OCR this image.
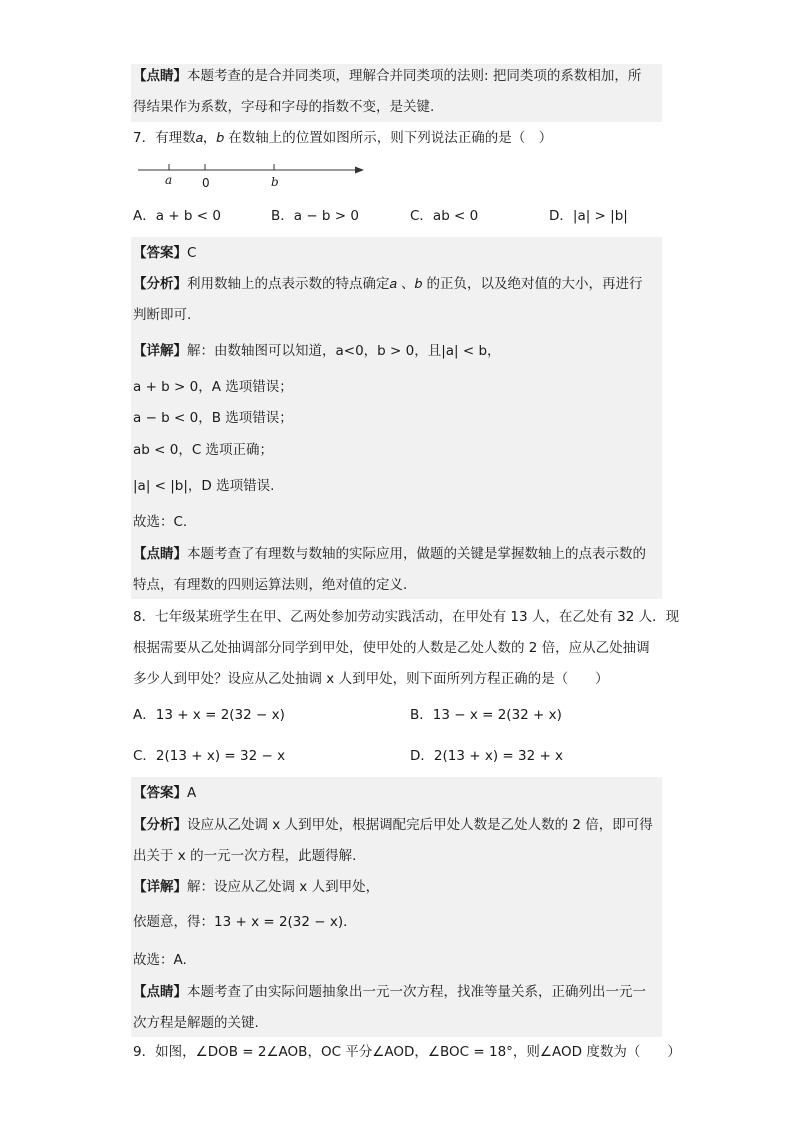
【点睛】本题考查的是合并同类项，理解合并同类项的法则: 把同类项的系数相加，所
得结果作为系数，字母和字母的指数不变，是关键.
7．有理数𝑎，𝑏 在数轴上的位置如图所示，则下列说法正确的是（　）
a 0	b
A．a + b < 0	B．a − b > 0	C．ab < 0	D．|a| > |b|
【答案】C
【分析】利用数轴上的点表示数的特点确定𝑎 、𝑏 的正负，以及绝对值的大小，再进行
判断即可.
【详解】解：由数轴图可以知道，a<0，b > 0，且|a| < b，
a + b > 0，A 选项错误；
a − b < 0，B 选项错误；
ab < 0，C 选项正确；
|a| < |b|，D 选项错误.
故选：C.
【点睛】本题考查了有理数与数轴的实际应用，做题的关键是掌握数轴上的点表示数的
特点，有理数的四则运算法则，绝对值的定义.
8．七年级某班学生在甲、乙两处参加劳动实践活动，在甲处有 13 人，在乙处有 32 人．现
根据需要从乙处抽调部分同学到甲处，使甲处的人数是乙处人数的 2 倍，应从乙处抽调
多少人到甲处？设应从乙处抽调 x 人到甲处，则下面所列方程正确的是（　　）
A．13 + x = 2(32 − x)	B．13 − x = 2(32 + x)
C．2(13 + x) = 32 − x	D．2(13 + x) = 32 + x
【答案】A
【分析】设应从乙处调 x 人到甲处，根据调配完后甲处人数是乙处人数的 2 倍，即可得
出关于 x 的一元一次方程，此题得解.
【详解】解：设应从乙处调 x 人到甲处，
依题意，得：13 + x = 2(32 − x)．
故选：A.
【点睛】本题考查了由实际问题抽象出一元一次方程，找准等量关系，正确列出一元一
次方程是解题的关键.
9．如图，∠DOB = 2∠AOB，OC 平分∠AOD，∠BOC = 18°，则∠AOD 度数为（　　）
